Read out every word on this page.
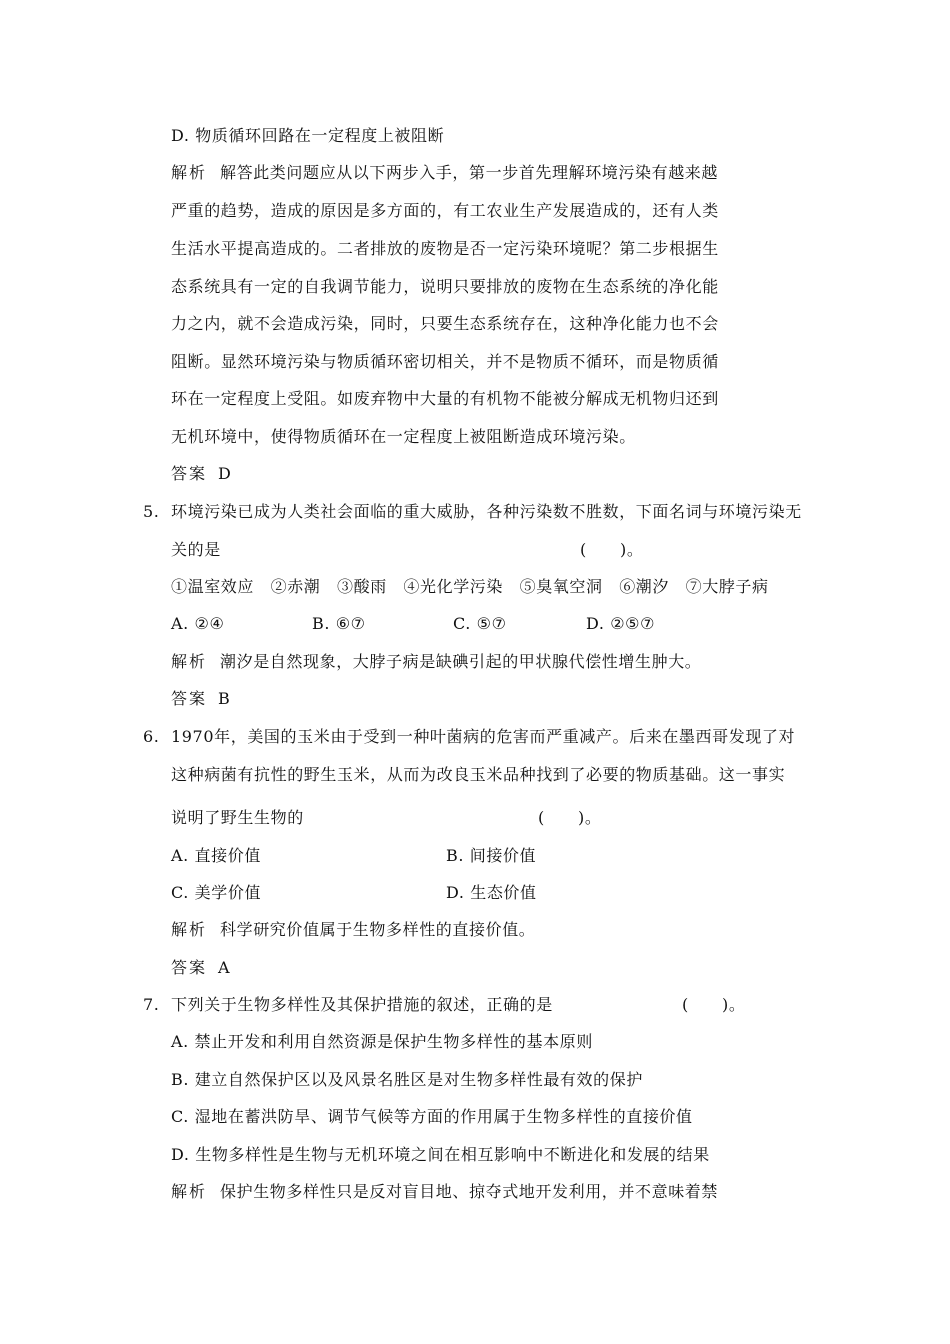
D. 物质循环回路在一定程度上被阻断
解析 解答此类问题应从以下两步入手，第一步首先理解环境污染有越来越
严重的趋势，造成的原因是多方面的，有工农业生产发展造成的，还有人类
生活水平提高造成的。二者排放的废物是否一定污染环境呢？第二步根据生
态系统具有一定的自我调节能力，说明只要排放的废物在生态系统的净化能
力之内，就不会造成污染，同时，只要生态系统存在，这种净化能力也不会
阻断。显然环境污染与物质循环密切相关，并不是物质不循环，而是物质循
环在一定程度上受阻。如废弃物中大量的有机物不能被分解成无机物归还到
无机环境中，使得物质循环在一定程度上被阻断造成环境污染。
答案 D
5. 环境污染已成为人类社会面临的重大威胁，各种污染数不胜数，下面名词与环境污染无
关的是	(　　)。
①温室效应　②赤潮　③酸雨　④光化学污染　⑤臭氧空洞　⑥潮汐　⑦大脖子病
A. ②④	B. ⑥⑦	C. ⑤⑦	D. ②⑤⑦
解析 潮汐是自然现象，大脖子病是缺碘引起的甲状腺代偿性增生肿大。
答案 B
6. 1970年，美国的玉米由于受到一种叶菌病的危害而严重减产。后来在墨西哥发现了对
这种病菌有抗性的野生玉米，从而为改良玉米品种找到了必要的物质基础。这一事实
说明了野生生物的	(　　)。
A. 直接价值	B. 间接价值
C. 美学价值	D. 生态价值
解析 科学研究价值属于生物多样性的直接价值。
答案 A
7. 下列关于生物多样性及其保护措施的叙述，正确的是	(　　)。
A. 禁止开发和利用自然资源是保护生物多样性的基本原则
B. 建立自然保护区以及风景名胜区是对生物多样性最有效的保护
C. 湿地在蓄洪防旱、调节气候等方面的作用属于生物多样性的直接价值
D. 生物多样性是生物与无机环境之间在相互影响中不断进化和发展的结果
解析 保护生物多样性只是反对盲目地、掠夺式地开发利用，并不意味着禁
